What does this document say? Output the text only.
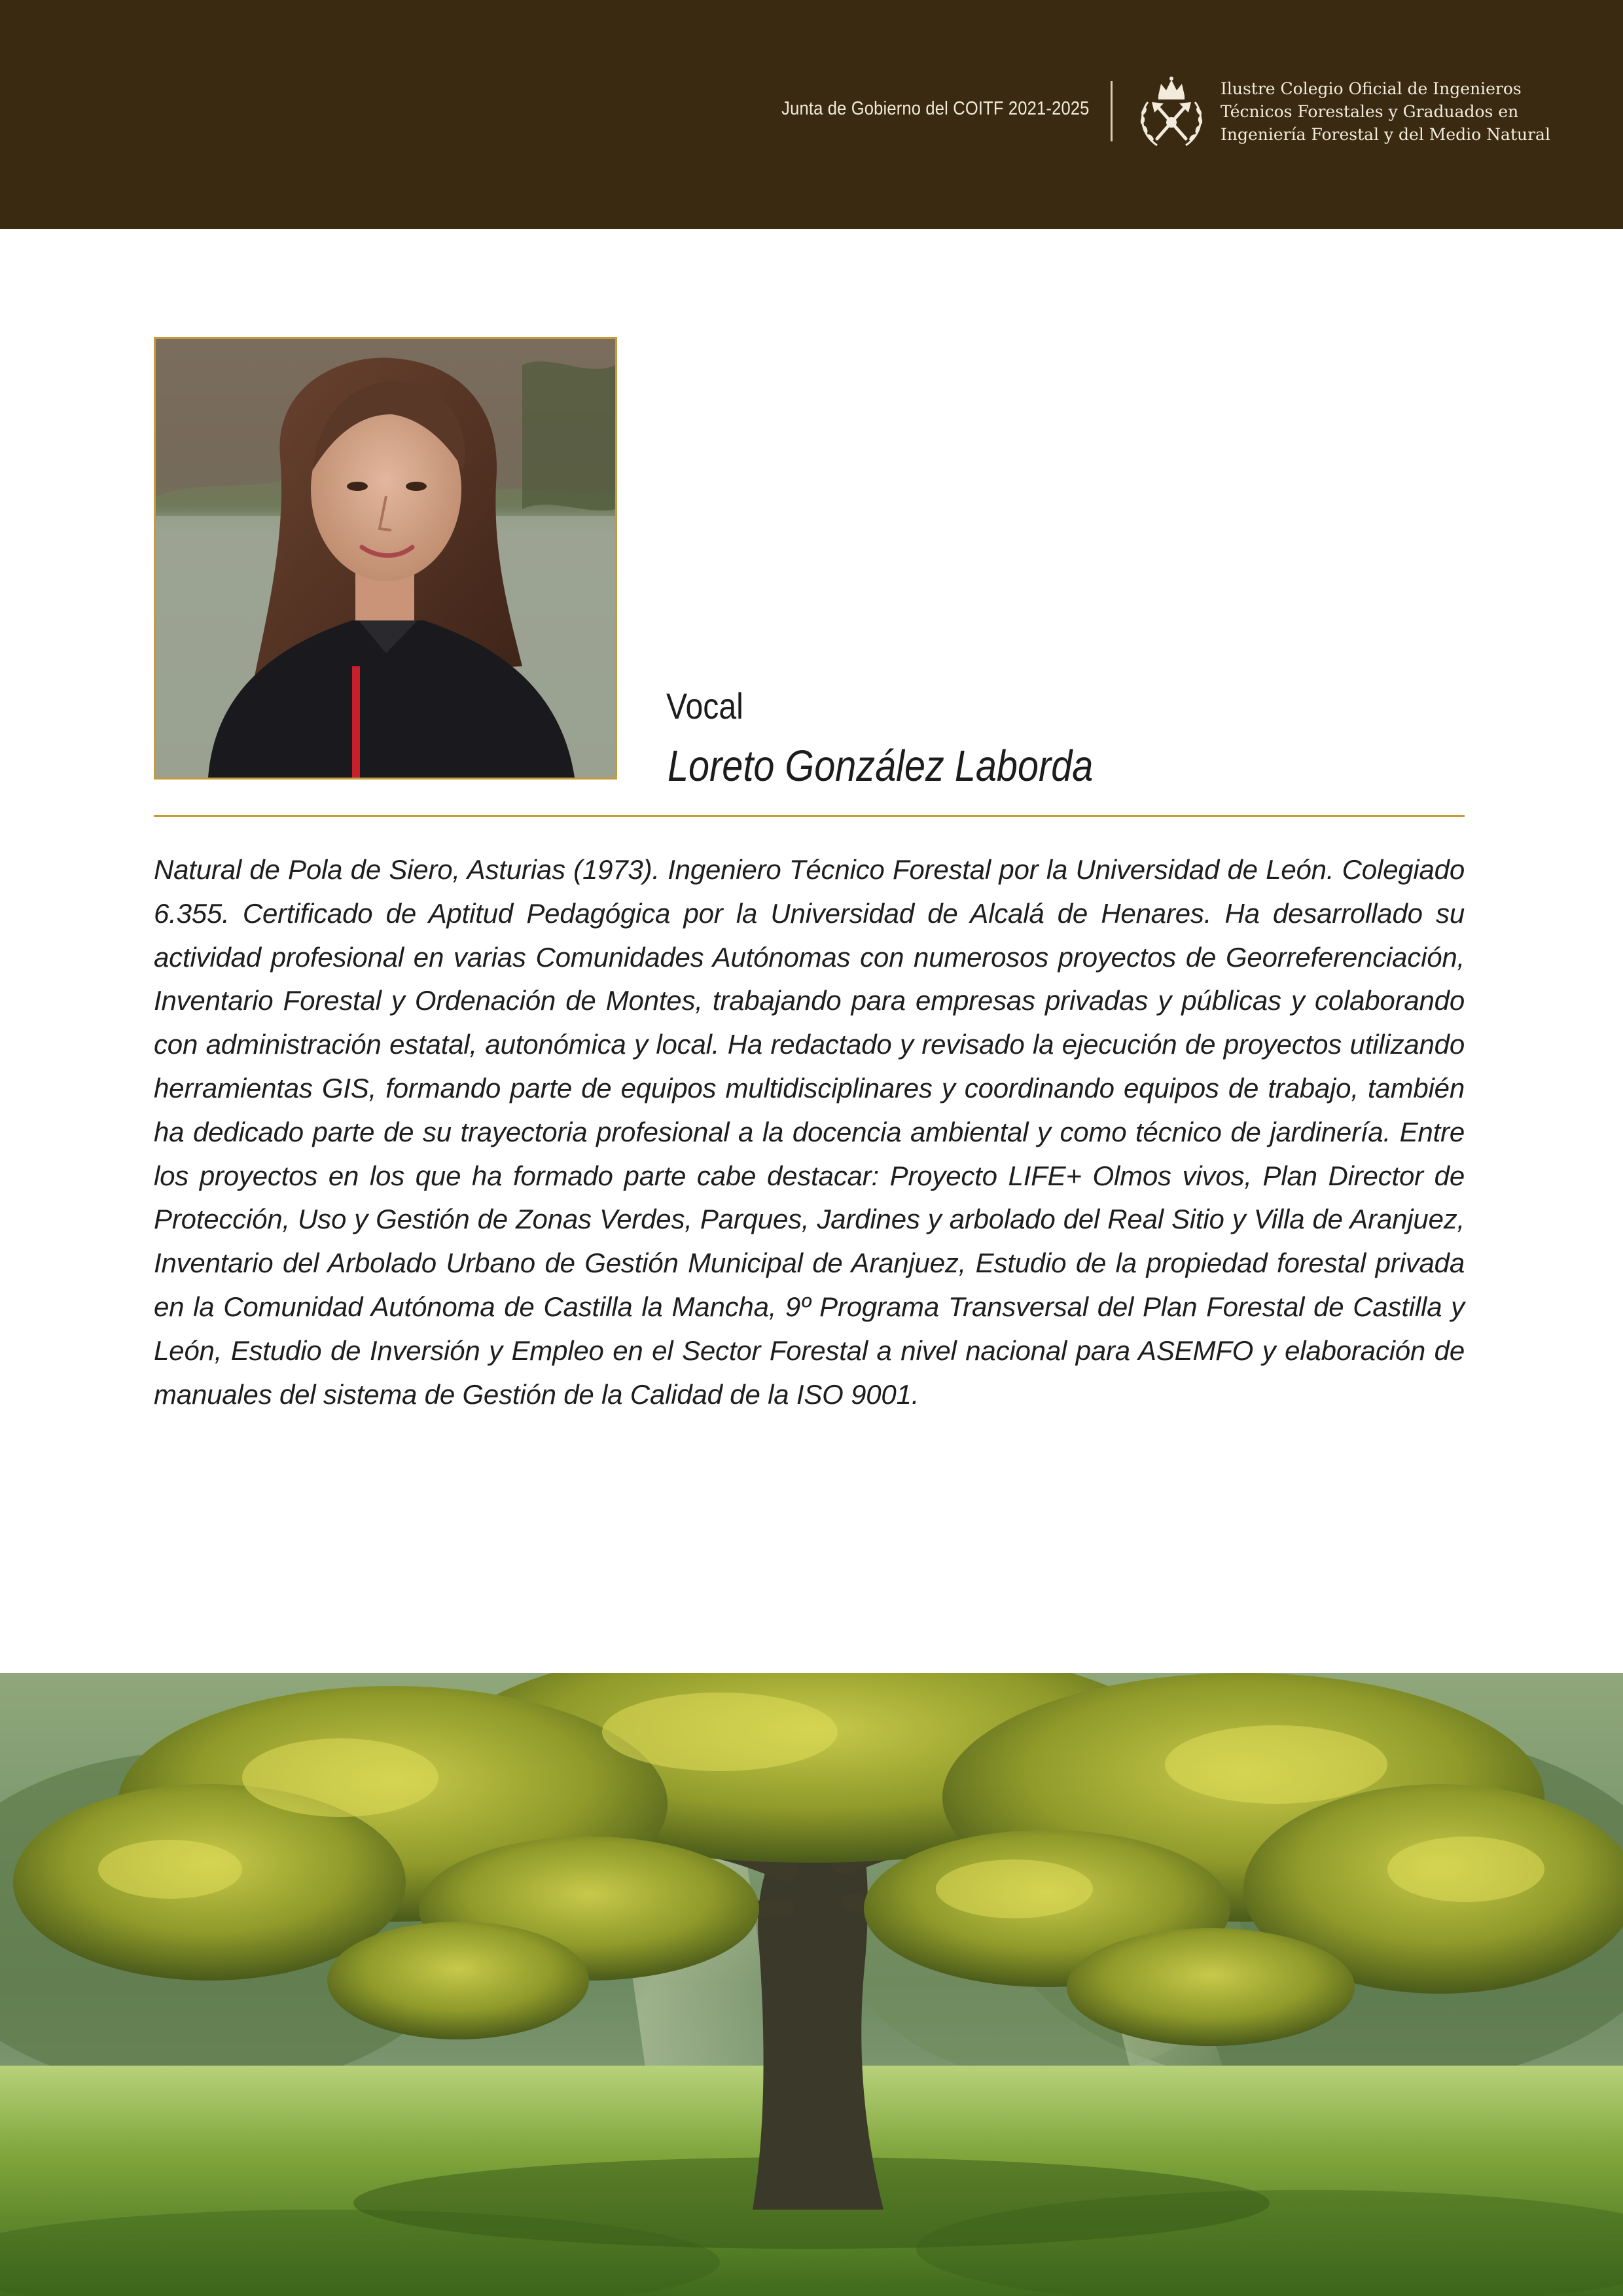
Junta de Gobierno del COITF 2021-2025
Ilustre Colegio Oficial de Ingenieros
Técnicos Forestales y Graduados en
Ingeniería Forestal y del Medio Natural
Vocal
Loreto González Laborda

Natural de Pola de Siero, Asturias (1973). Ingeniero Técnico Forestal por la Universidad de León. Colegiado 6.355. Certificado de Aptitud Pedagógica por la Universidad de Alcalá de Henares. Ha desarrollado su actividad profesional en varias Comunidades Autónomas con numerosos proyectos de Georreferenciación, Inventario Forestal y Ordenación de Montes, trabajando para empresas privadas y públicas y colaborando con administración estatal, autonómica y local. Ha redactado y revisado la ejecución de proyectos utilizando herramientas GIS, formando parte de equipos multidisciplinares y coordinando equipos de trabajo, también ha dedicado parte de su trayectoria profesional a la docencia ambiental y como técnico de jardinería. Entre los proyectos en los que ha formado parte cabe destacar: Proyecto LIFE+ Olmos vivos, Plan Director de Protección, Uso y Gestión de Zonas Verdes, Parques, Jardines y arbolado del Real Sitio y Villa de Aranjuez, Inventario del Arbolado Urbano de Gestión Municipal de Aranjuez, Estudio de la propiedad forestal privada en la Comunidad Autónoma de Castilla la Mancha, 9º Programa Transversal del Plan Forestal de Castilla y León, Estudio de Inversión y Empleo en el Sector Forestal a nivel nacional para ASEMFO y elaboración de manuales del sistema de Gestión de la Calidad de la ISO 9001.
